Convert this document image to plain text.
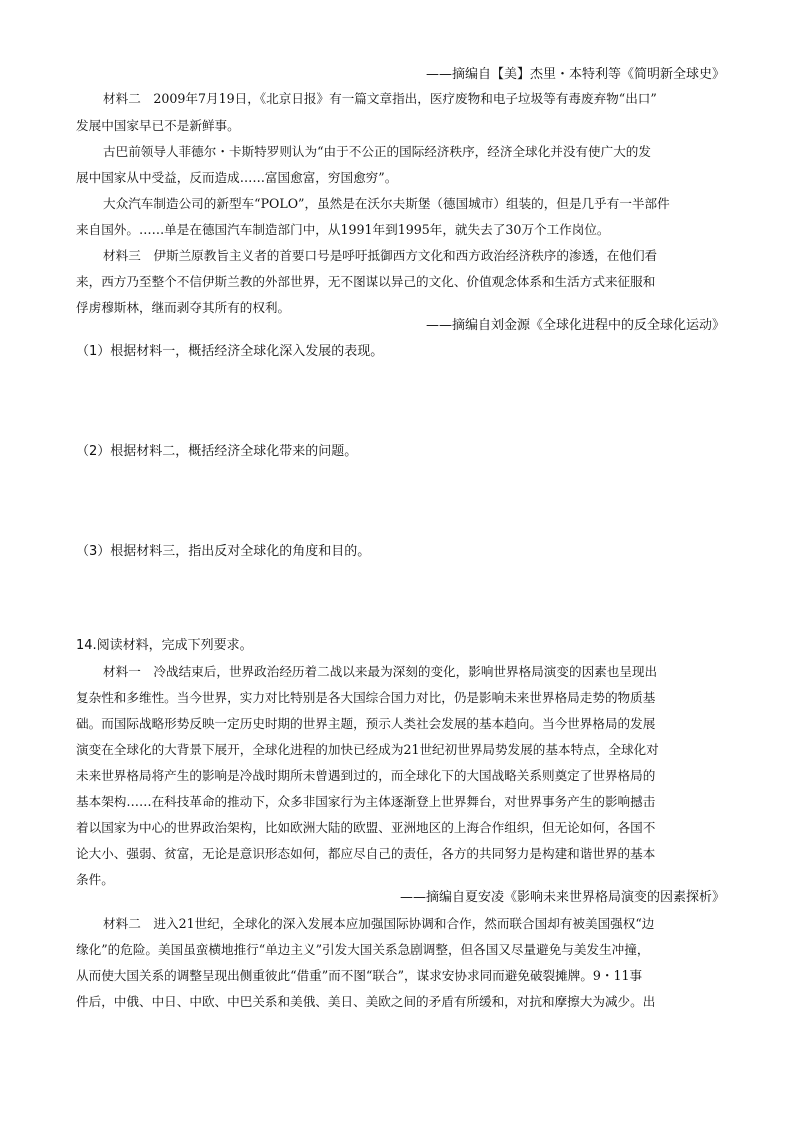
——摘编自【美】杰里・本特利等《简明新全球史》
材料二　2009年7月19日，《北京日报》有一篇文章指出，医疗废物和电子垃圾等有毒废弃物“出口”
发展中国家早已不是新鲜事。
古巴前领导人菲德尔・卡斯特罗则认为“由于不公正的国际经济秩序，经济全球化并没有使广大的发
展中国家从中受益，反而造成……富国愈富，穷国愈穷”。
大众汽车制造公司的新型车“POLO”，虽然是在沃尔夫斯堡（德国城市）组装的，但是几乎有一半部件
来自国外。……单是在德国汽车制造部门中，从1991年到1995年，就失去了30万个工作岗位。
材料三　伊斯兰原教旨主义者的首要口号是呼吁抵御西方文化和西方政治经济秩序的渗透，在他们看
来，西方乃至整个不信伊斯兰教的外部世界，无不图谋以异己的文化、价值观念体系和生活方式来征服和
俘虏穆斯林，继而剥夺其所有的权利。
——摘编自刘金源《全球化进程中的反全球化运动》
（1）根据材料一，概括经济全球化深入发展的表现。
（2）根据材料二，概括经济全球化带来的问题。
（3）根据材料三，指出反对全球化的角度和目的。
14.阅读材料，完成下列要求。
材料一　冷战结束后，世界政治经历着二战以来最为深刻的变化，影响世界格局演变的因素也呈现出
复杂性和多维性。当今世界，实力对比特别是各大国综合国力对比，仍是影响未来世界格局走势的物质基
础。而国际战略形势反映一定历史时期的世界主题，预示人类社会发展的基本趋向。当今世界格局的发展
演变在全球化的大背景下展开，全球化进程的加快已经成为21世纪初世界局势发展的基本特点，全球化对
未来世界格局将产生的影响是冷战时期所未曾遇到过的，而全球化下的大国战略关系则奠定了世界格局的
基本架构……在科技革命的推动下，众多非国家行为主体逐渐登上世界舞台，对世界事务产生的影响撼击
着以国家为中心的世界政治架构，比如欧洲大陆的欧盟、亚洲地区的上海合作组织，但无论如何，各国不
论大小、强弱、贫富，无论是意识形态如何，都应尽自己的责任，各方的共同努力是构建和谐世界的基本
条件。
——摘编自夏安凌《影响未来世界格局演变的因素探析》
材料二　进入21世纪，全球化的深入发展本应加强国际协调和合作，然而联合国却有被美国强权“边
缘化”的危险。美国虽蛮横地推行“单边主义”引发大国关系急剧调整，但各国又尽量避免与美发生冲撞，
从而使大国关系的调整呈现出侧重彼此“借重”而不图“联合”，谋求安协求同而避免破裂摊牌。9・11事
件后，中俄、中日、中欧、中巴关系和美俄、美日、美欧之间的矛盾有所缓和，对抗和摩擦大为减少。出
